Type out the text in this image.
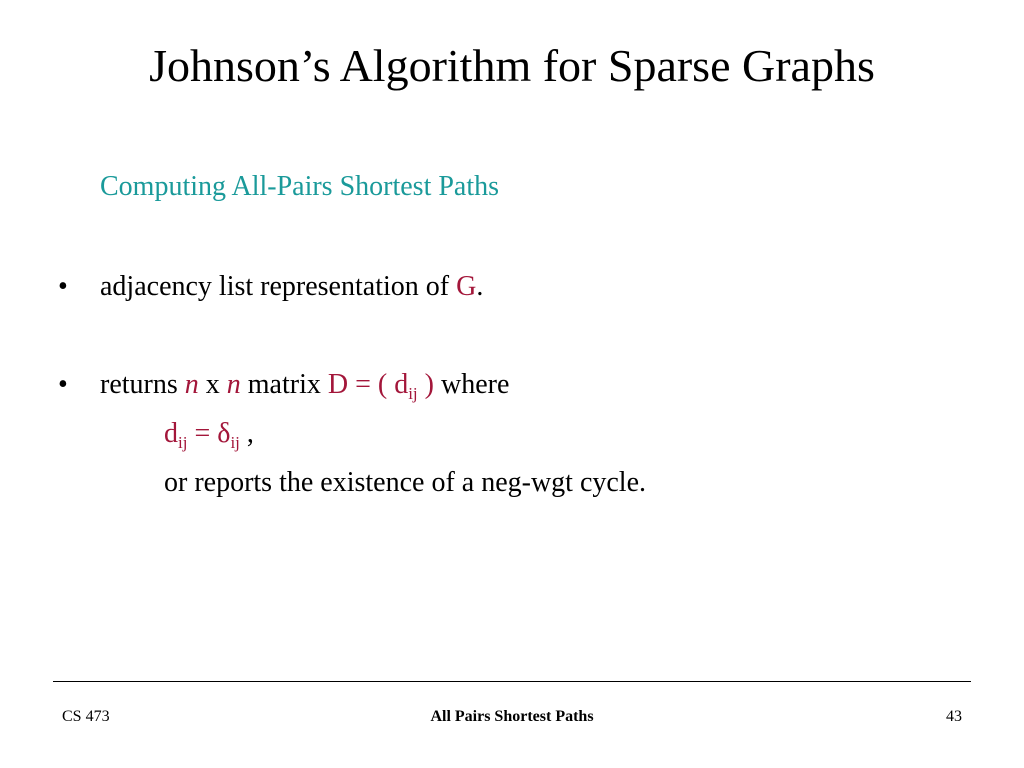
Johnson’s Algorithm for Sparse Graphs
Computing All-Pairs Shortest Paths
• adjacency list representation of G.
• returns n x n matrix D = ( $d_{ij}$ ) where
$d_{ij} = \delta_{ij}$ ,
or reports the existence of a neg-wgt cycle.
CS 473	All Pairs Shortest Paths	43
